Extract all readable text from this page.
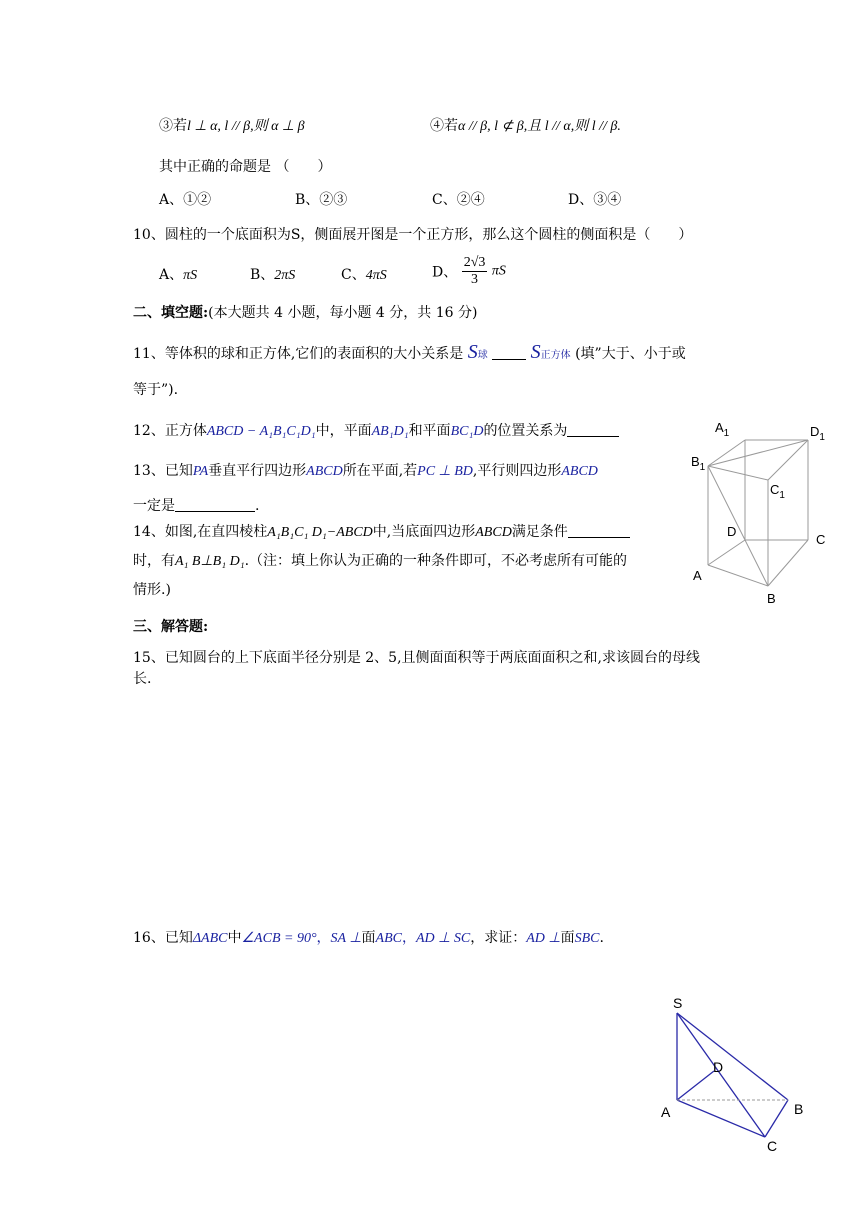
③若l ⊥ α, l // β,则 α ⊥ β	④若α // β, l ⊄ β,且 l // α,则 l // β.
其中正确的命题是 （　　）
A、①②	B、②③	C、②④	D、③④
10、圆柱的一个底面积为S，侧面展开图是一个正方形，那么这个圆柱的侧面积是（　　）
A、πS	B、2πS	C、4πS	D、 $\frac{2√3}{3}$ πS
二、填空题:(本大题共 4 小题，每小题 4 分，共 16 分)
11、等体积的球和正方体,它们的表面积的大小关系是 S球 S正方体 (填”大于、小于或
等于”).
12、正方体ABCD − A₁B₁C₁D₁中，平面AB₁D₁和平面BC₁D的位置关系为
13、已知PA垂直平行四边形ABCD所在平面,若PC ⊥ BD,平行则四边形ABCD
一定是	.
14、如图,在直四棱柱A₁B₁C₁ D₁−ABCD中,当底面四边形ABCD满足条件
时，有A₁ B⊥B₁ D₁.（注：填上你认为正确的一种条件即可，不必考虑所有可能的
情形.)
三、解答题:
15、已知圆台的上下底面半径分别是 2、5,且侧面面积等于两底面面积之和,求该圆台的母线
长.
16、已知ΔABC中∠ACB = 90°，SA ⊥面ABC，AD ⊥ SC，求证：AD ⊥面SBC.
$A_1$	$D_1$
$B_1$
$C_1$
D
C
A
B
S
D
A	B
C
